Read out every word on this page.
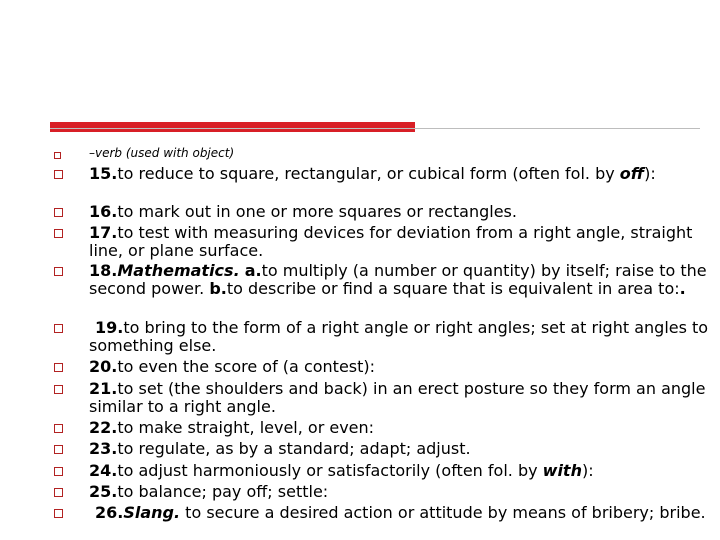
–verb (used with object)
15.to reduce to square, rectangular, or cubical form (often fol. by off):
16.to mark out in one or more squares or rectangles.
17.to test with measuring devices for deviation from a right angle, straight line, or plane surface.
18.Mathematics. a.to multiply (a number or quantity) by itself; raise to the second power. b.to describe or find a square that is equivalent in area to:.
19.to bring to the form of a right angle or right angles; set at right angles to something else.
20.to even the score of (a contest):
21.to set (the shoulders and back) in an erect posture so they form an angle similar to a right angle.
22.to make straight, level, or even:
23.to regulate, as by a standard; adapt; adjust.
24.to adjust harmoniously or satisfactorily (often fol. by with):
25.to balance; pay off; settle:
26.Slang. to secure a desired action or attitude by means of bribery; bribe.
